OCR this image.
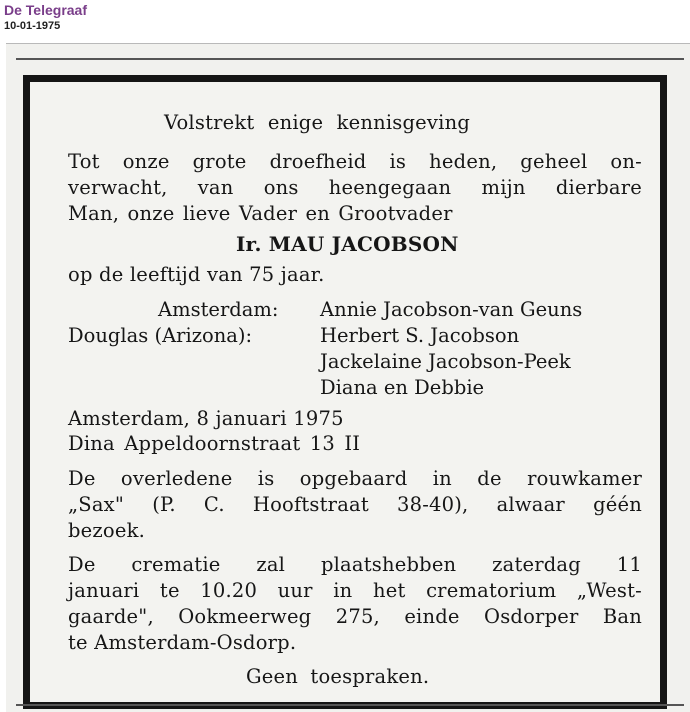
De Telegraaf
10-01-1975
Volstrekt enige kennisgeving
Tot onze grote droefheid is heden, geheel on-
verwacht, van ons heengegaan mijn dierbare
Man, onze lieve Vader en Grootvader
Ir. MAU JACOBSON
op de leeftijd van 75 jaar.
Amsterdam: Annie Jacobson-van Geuns
Douglas (Arizona):	Herbert S. Jacobson
Jackelaine Jacobson-Peek
Diana en Debbie
Amsterdam, 8 januari 1975
Dina Appeldoornstraat 13 II
De overledene is opgebaard in de rouwkamer
„Sax" (P. C. Hooftstraat 38-40), alwaar géén
bezoek.
De crematie zal plaatshebben zaterdag 11
januari te 10.20 uur in het crematorium „West-
gaarde", Ookmeerweg 275, einde Osdorper Ban
te Amsterdam-Osdorp.
Geen toespraken.
